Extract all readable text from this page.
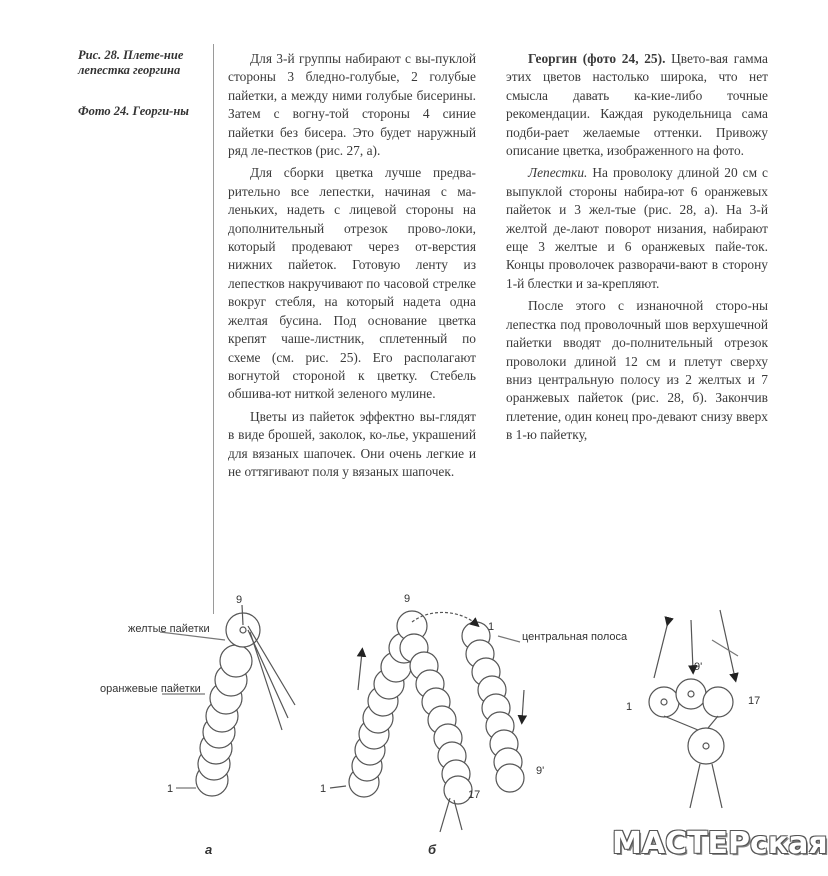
Рис. 28. Плете-ние лепестка георгина
Фото 24. Георги-ны

Для 3-й группы набирают с вы-пуклой стороны 3 бледно-голубые, 2 голубые пайетки, а между ними голубые бисерины. Затем с вогну-той стороны 4 синие пайетки без бисера. Это будет наружный ряд ле-пестков (рис. 27, а).

Для сборки цветка лучше предва-рительно все лепестки, начиная с ма-леньких, надеть с лицевой стороны на дополнительный отрезок прово-локи, который продевают через от-верстия нижних пайеток. Готовую ленту из лепестков накручивают по часовой стрелке вокруг стебля, на который надета одна желтая бусина. Под основание цветка крепят чаше-листник, сплетенный по схеме (см. рис. 25). Его располагают вогнутой стороной к цветку. Стебель обшива-ют ниткой зеленого мулине.

Цветы из пайеток эффектно вы-глядят в виде брошей, заколок, ко-лье, украшений для вязаных шапочек. Они очень легкие и не оттягивают поля у вязаных шапочек.

Георгин (фото 24, 25). Цвето-вая гамма этих цветов настолько широка, что нет смысла давать ка-кие-либо точные рекомендации. Каждая рукодельница сама подби-рает желаемые оттенки. Привожу описание цветка, изображенного на фото.

Лепестки. На проволоку длиной 20 см с выпуклой стороны набира-ют 6 оранжевых пайеток и 3 жел-тые (рис. 28, а). На 3-й желтой де-лают поворот низания, набирают еще 3 желтые и 6 оранжевых пайе-ток. Концы проволочек разворачи-вают в сторону 1-й блестки и за-крепляют.

После этого с изнаночной сторо-ны лепестка под проволочный шов верхушечной пайетки вводят до-полнительный отрезок проволоки длиной 12 см и плетут сверху вниз центральную полосу из 2 желтых и 7 оранжевых пайеток (рис. 28, б). Закончив плетение, один конец про-девают снизу вверх в 1-ю пайетку,

желтые пайетки
оранжевые пайетки
9
1
а
центральная полоса
9
1
17
9'
1
б
9'
1	17
МАСТЕРская
